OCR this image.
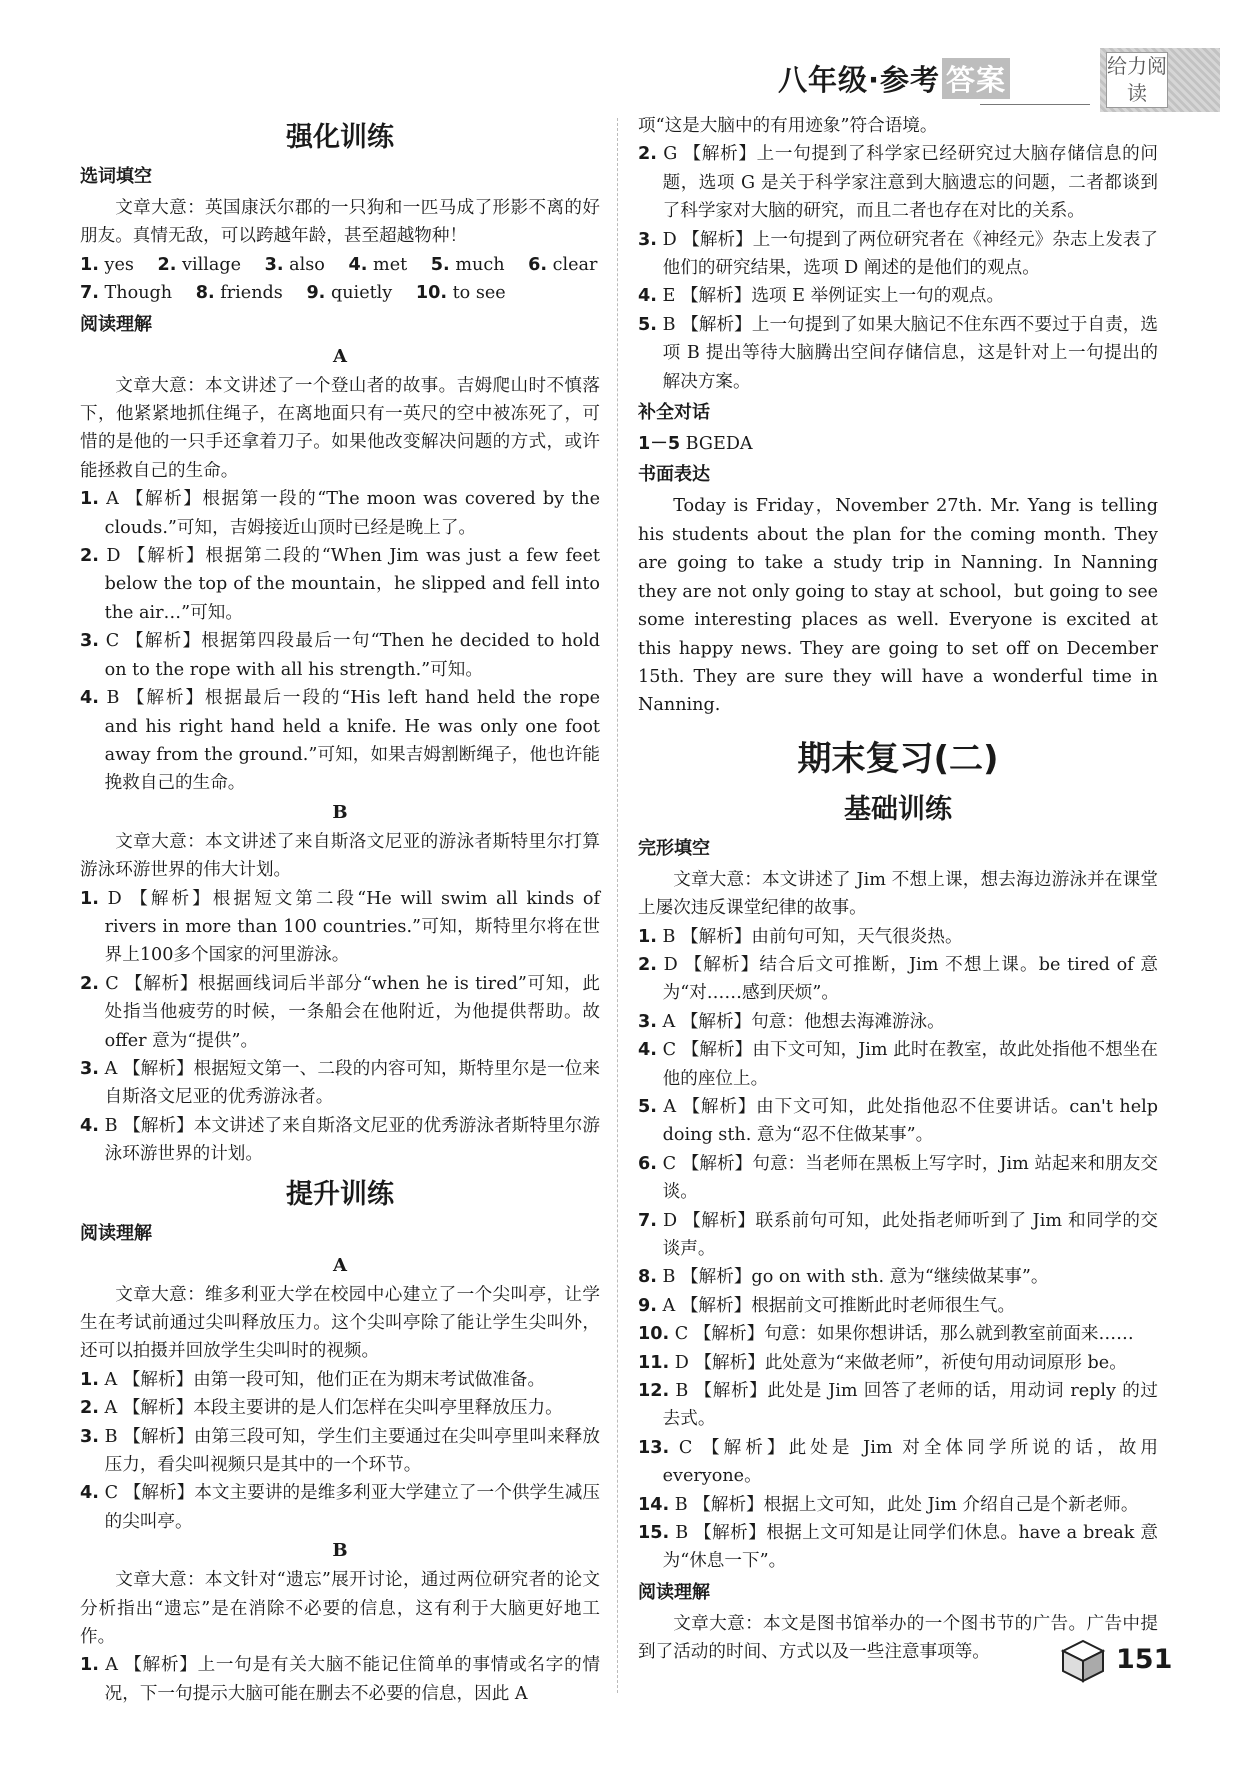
八年级·参考 答案	给力阅读
强化训练
选词填空

文章大意：英国康沃尔郡的一只狗和一匹马成了形影不离的好朋友。真情无敌，可以跨越年龄，甚至超越物种！

1. yes 2. village 3. also 4. met 5. much 6. clear

7. Though 8. friends 9. quietly 10. to see

阅读理解
A

文章大意：本文讲述了一个登山者的故事。吉姆爬山时不慎落下，他紧紧地抓住绳子，在离地面只有一英尺的空中被冻死了，可惜的是他的一只手还拿着刀子。如果他改变解决问题的方式，或许能拯救自己的生命。

1. A 【解析】根据第一段的“The moon was covered by the clouds.”可知，吉姆接近山顶时已经是晚上了。

2. D 【解析】根据第二段的“When Jim was just a few feet below the top of the mountain，he slipped and fell into the air…”可知。

3. C 【解析】根据第四段最后一句“Then he decided to hold on to the rope with all his strength.”可知。

4. B 【解析】根据最后一段的“His left hand held the rope and his right hand held a knife. He was only one foot away from the ground.”可知，如果吉姆割断绳子，他也许能挽救自己的生命。

B

文章大意：本文讲述了来自斯洛文尼亚的游泳者斯特里尔打算游泳环游世界的伟大计划。

1. D 【解析】根据短文第二段“He will swim all kinds of rivers in more than 100 countries.”可知，斯特里尔将在世界上100多个国家的河里游泳。

2. C 【解析】根据画线词后半部分“when he is tired”可知，此处指当他疲劳的时候，一条船会在他附近，为他提供帮助。故 offer 意为“提供”。

3. A 【解析】根据短文第一、二段的内容可知，斯特里尔是一位来自斯洛文尼亚的优秀游泳者。

4. B 【解析】本文讲述了来自斯洛文尼亚的优秀游泳者斯特里尔游泳环游世界的计划。

提升训练
阅读理解
A

文章大意：维多利亚大学在校园中心建立了一个尖叫亭，让学生在考试前通过尖叫释放压力。这个尖叫亭除了能让学生尖叫外，还可以拍摄并回放学生尖叫时的视频。

1. A 【解析】由第一段可知，他们正在为期末考试做准备。

2. A 【解析】本段主要讲的是人们怎样在尖叫亭里释放压力。

3. B 【解析】由第三段可知，学生们主要通过在尖叫亭里叫来释放压力，看尖叫视频只是其中的一个环节。

4. C 【解析】本文主要讲的是维多利亚大学建立了一个供学生减压的尖叫亭。

B

文章大意：本文针对“遗忘”展开讨论，通过两位研究者的论文分析指出“遗忘”是在消除不必要的信息，这有利于大脑更好地工作。

1. A 【解析】上一句是有关大脑不能记住简单的事情或名字的情况，下一句提示大脑可能在删去不必要的信息，因此 A

项“这是大脑中的有用迹象”符合语境。

2. G 【解析】上一句提到了科学家已经研究过大脑存储信息的问题，选项 G 是关于科学家注意到大脑遗忘的问题，二者都谈到了科学家对大脑的研究，而且二者也存在对比的关系。

3. D 【解析】上一句提到了两位研究者在《神经元》杂志上发表了他们的研究结果，选项 D 阐述的是他们的观点。

4. E 【解析】选项 E 举例证实上一句的观点。

5. B 【解析】上一句提到了如果大脑记不住东西不要过于自责，选项 B 提出等待大脑腾出空间存储信息，这是针对上一句提出的解决方案。

补全对话

1－5 BGEDA

书面表达

Today is Friday，November 27th. Mr. Yang is telling his students about the plan for the coming month. They are going to take a study trip in Nanning. In Nanning they are not only going to stay at school，but going to see some interesting places as well. Everyone is excited at this happy news. They are going to set off on December 15th. They are sure they will have a wonderful time in Nanning.

期末复习(二)
基础训练
完形填空

文章大意：本文讲述了 Jim 不想上课，想去海边游泳并在课堂上屡次违反课堂纪律的故事。

1. B 【解析】由前句可知，天气很炎热。

2. D 【解析】结合后文可推断，Jim 不想上课。be tired of 意为“对……感到厌烦”。

3. A 【解析】句意：他想去海滩游泳。

4. C 【解析】由下文可知，Jim 此时在教室，故此处指他不想坐在他的座位上。

5. A 【解析】由下文可知，此处指他忍不住要讲话。can't help doing sth. 意为“忍不住做某事”。

6. C 【解析】句意：当老师在黑板上写字时，Jim 站起来和朋友交谈。

7. D 【解析】联系前句可知，此处指老师听到了 Jim 和同学的交谈声。

8. B 【解析】go on with sth. 意为“继续做某事”。

9. A 【解析】根据前文可推断此时老师很生气。

10. C 【解析】句意：如果你想讲话，那么就到教室前面来……

11. D 【解析】此处意为“来做老师”，祈使句用动词原形 be。

12. B 【解析】此处是 Jim 回答了老师的话，用动词 reply 的过去式。

13. C 【解析】此处是 Jim 对全体同学所说的话，故用 everyone。

14. B 【解析】根据上文可知，此处 Jim 介绍自己是个新老师。

15. B 【解析】根据上文可知是让同学们休息。have a break 意为“休息一下”。

阅读理解

文章大意：本文是图书馆举办的一个图书节的广告。广告中提到了活动的时间、方式以及一些注意事项等。	151
